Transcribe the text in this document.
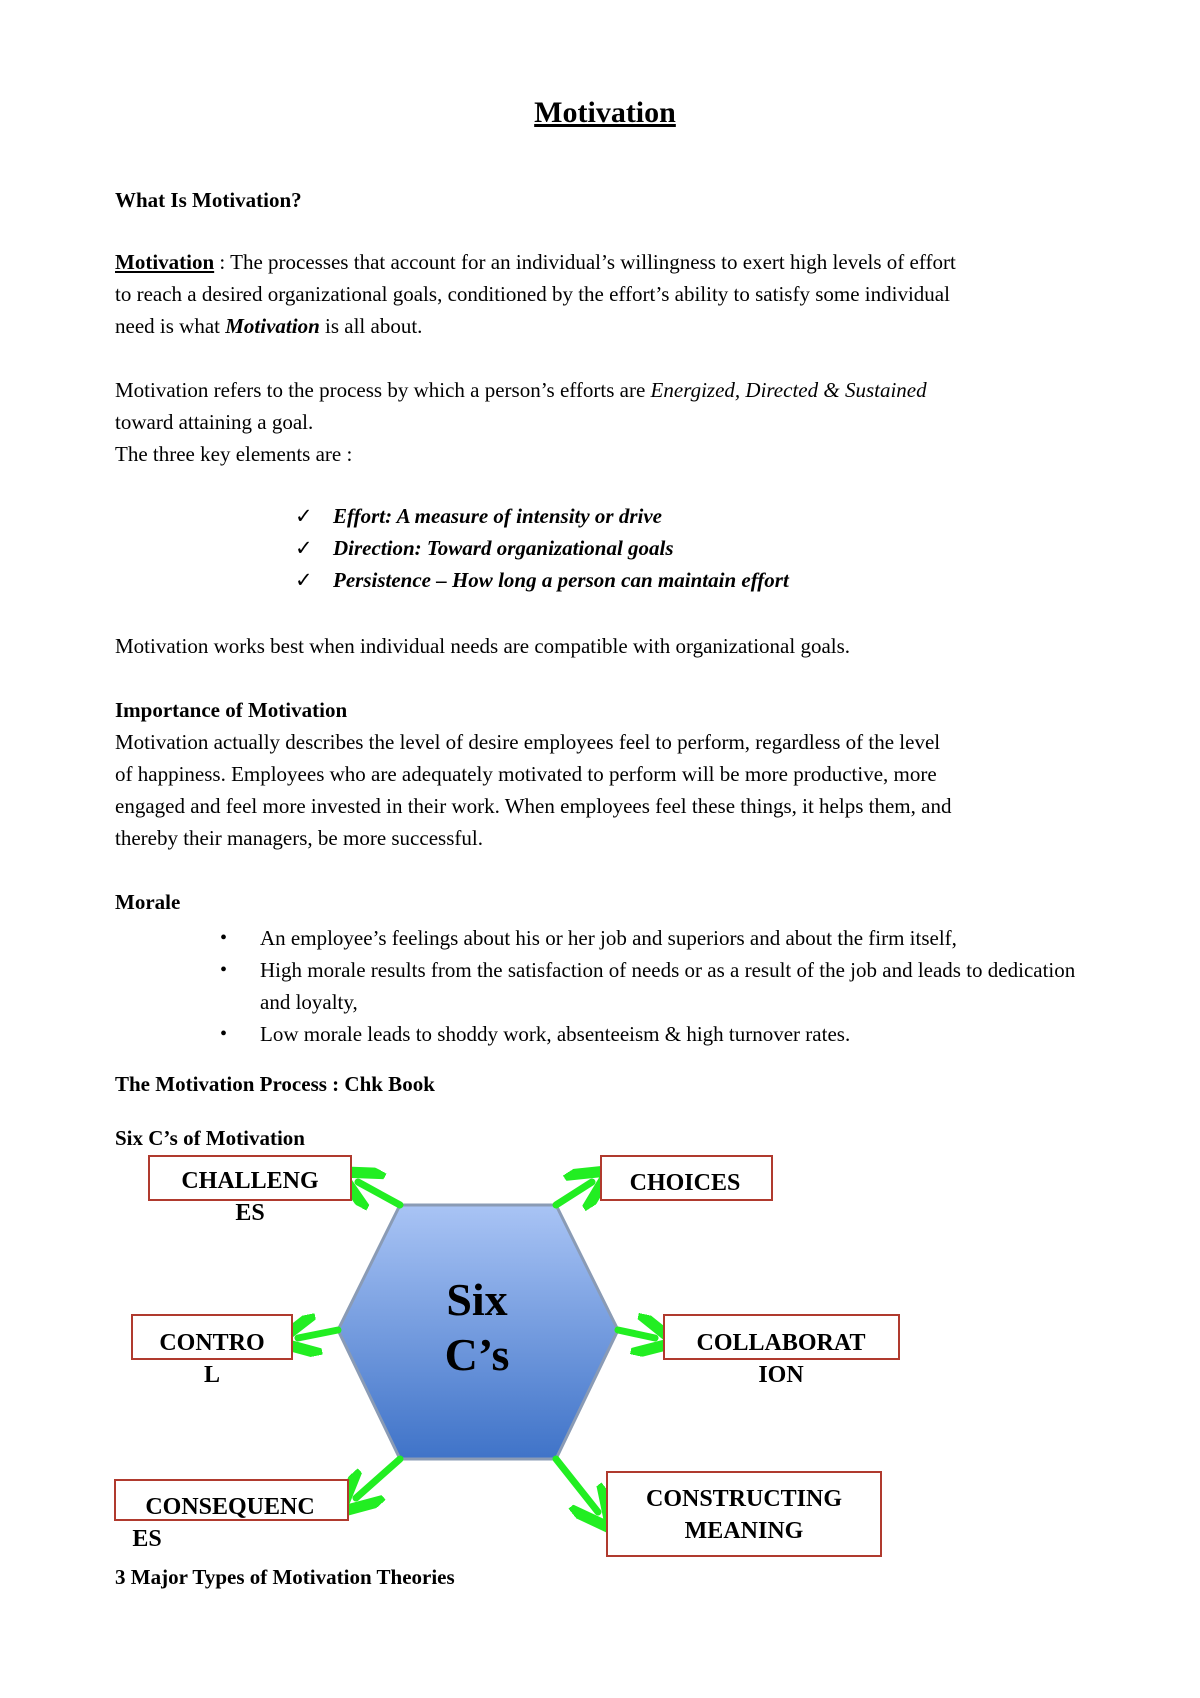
Motivation
What Is Motivation?
Motivation : The processes that account for an individual’s willingness to exert high levels of effort
to reach a desired organizational goals, conditioned by the effort’s ability to satisfy some individual
need is what Motivation is all about.
Motivation refers to the process by which a person’s efforts are Energized, Directed & Sustained
toward attaining a goal.
The three key elements are :
✓ Effort: A measure of intensity or drive
✓ Direction: Toward organizational goals
✓ Persistence – How long a person can maintain effort
Motivation works best when individual needs are compatible with organizational goals.
Importance of Motivation
Motivation actually describes the level of desire employees feel to perform, regardless of the level
of happiness. Employees who are adequately motivated to perform will be more productive, more
engaged and feel more invested in their work. When employees feel these things, it helps them, and
thereby their managers, be more successful.
Morale
•	An employee’s feelings about his or her job and superiors and about the firm itself,
•	High morale results from the satisfaction of needs or as a result of the job and leads to dedication and loyalty,
•	Low morale leads to shoddy work, absenteeism & high turnover rates.
The Motivation Process : Chk Book
Six C’s of Motivation
Six
C’s
CHALLENG
ES
CHOICES
CONTRO
L
COLLABORAT
ION
CONSEQUENC
ES
CONSTRUCTING
MEANING
3 Major Types of Motivation Theories
